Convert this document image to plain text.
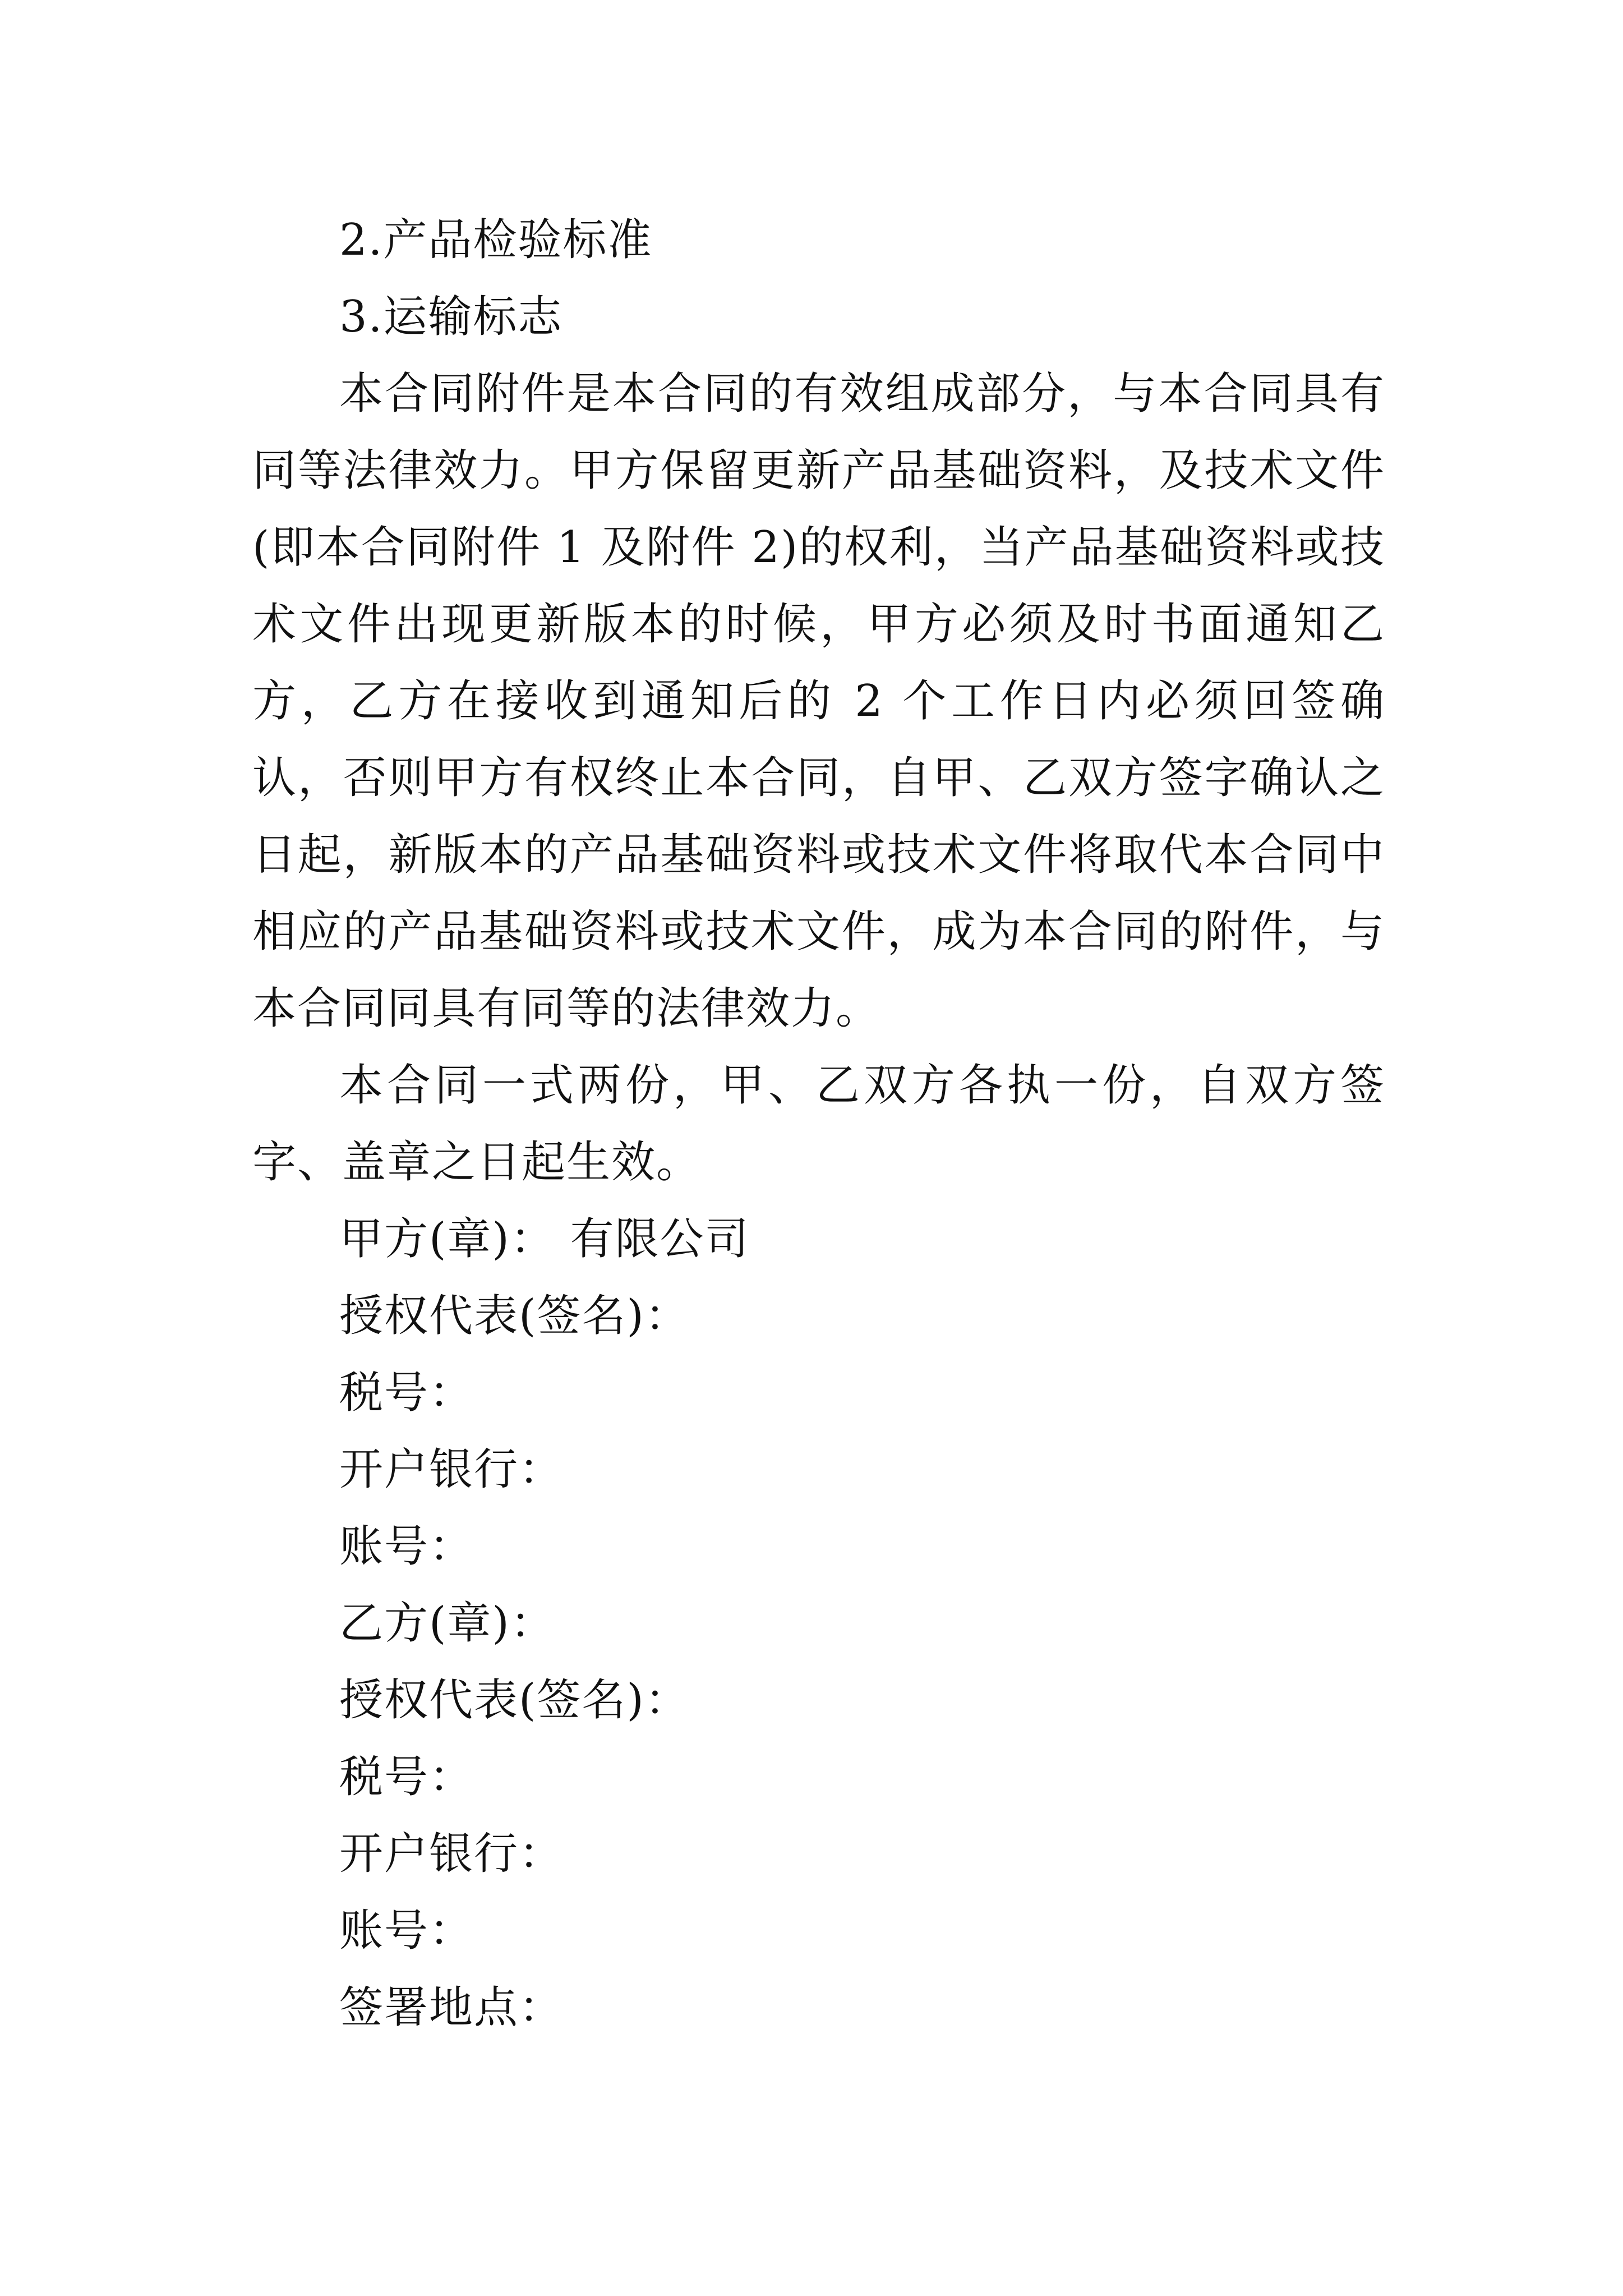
2.产品检验标准
3.运输标志
本合同附件是本合同的有效组成部分，与本合同具有同等法律效力。甲方保留更新产品基础资料，及技术文件(即本合同附件 1 及附件 2)的权利，当产品基础资料或技术文件出现更新版本的时候，甲方必须及时书面通知乙方，乙方在接收到通知后的 2 个工作日内必须回签确认，否则甲方有权终止本合同，自甲、乙双方签字确认之日起，新版本的产品基础资料或技术文件将取代本合同中相应的产品基础资料或技术文件，成为本合同的附件，与本合同同具有同等的法律效力。
本合同一式两份，甲、乙双方各执一份，自双方签字、盖章之日起生效。
甲方(章)： 有限公司
授权代表(签名)：
税号：
开户银行：
账号：
乙方(章)：
授权代表(签名)：
税号：
开户银行：
账号：
签署地点：
